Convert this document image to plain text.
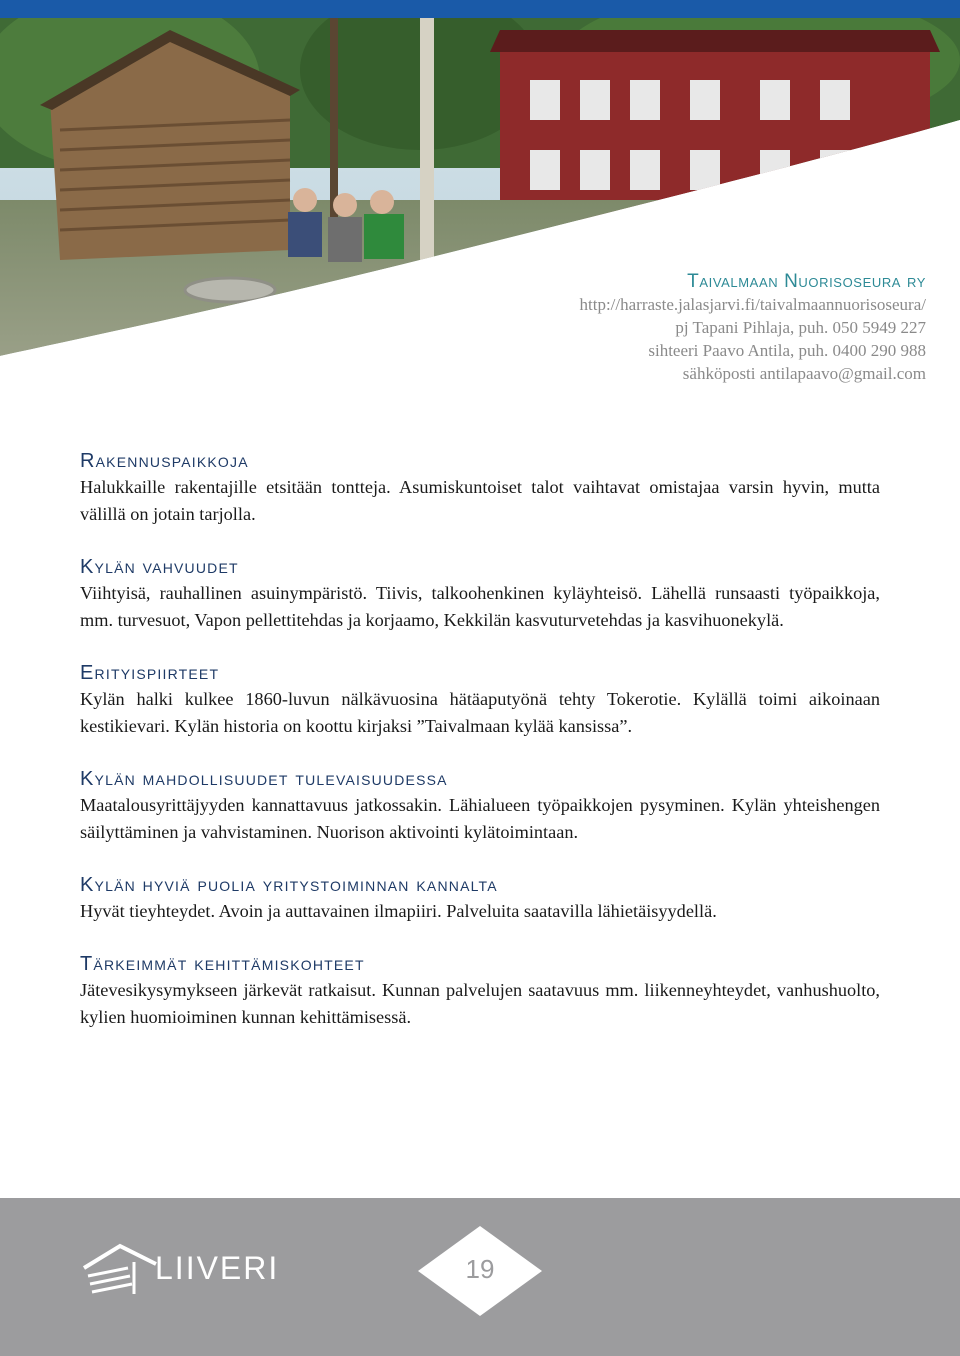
Taivalmaan Nuorisoseura ry
http://harraste.jalasjarvi.fi/taivalmaannuorisoseura/
pj Tapani Pihlaja, puh. 050 5949 227
sihteeri Paavo Antila, puh. 0400 290 988
sähköposti antilapaavo@gmail.com
Rakennuspaikkoja

Halukkaille rakentajille etsitään tontteja. Asumiskuntoiset talot vaihtavat omistajaa varsin hyvin, mutta välillä on jotain tarjolla.

Kylän vahvuudet

Viihtyisä, rauhallinen asuinympäristö. Tiivis, talkoohenkinen kyläyhteisö. Lähellä runsaasti työpaikkoja, mm. turvesuot, Vapon pellettitehdas ja korjaamo, Kekkilän kasvuturvetehdas ja kasvihuonekylä.

Erityispiirteet

Kylän halki kulkee 1860-luvun nälkävuosina hätäaputyönä tehty Tokerotie. Kylällä toimi aikoinaan kestikievari. Kylän historia on koottu kirjaksi ”Taivalmaan kylää kansissa”.

Kylän mahdollisuudet tulevaisuudessa

Maatalousyrittäjyyden kannattavuus jatkossakin. Lähialueen työpaikkojen pysyminen. Kylän yhteishengen säilyttäminen ja vahvistaminen. Nuorison aktivointi kylätoimintaan.

Kylän hyviä puolia yritystoiminnan kannalta

Hyvät tieyhteydet. Avoin ja auttavainen ilmapiiri. Palveluita saatavilla lähietäisyydellä.

Tärkeimmät kehittämiskohteet

Jätevesikysymykseen järkevät ratkaisut. Kunnan palvelujen saatavuus mm. liikenneyhteydet, vanhushuolto, kylien huomioiminen kunnan kehittämisessä.

LIIVERI	19
